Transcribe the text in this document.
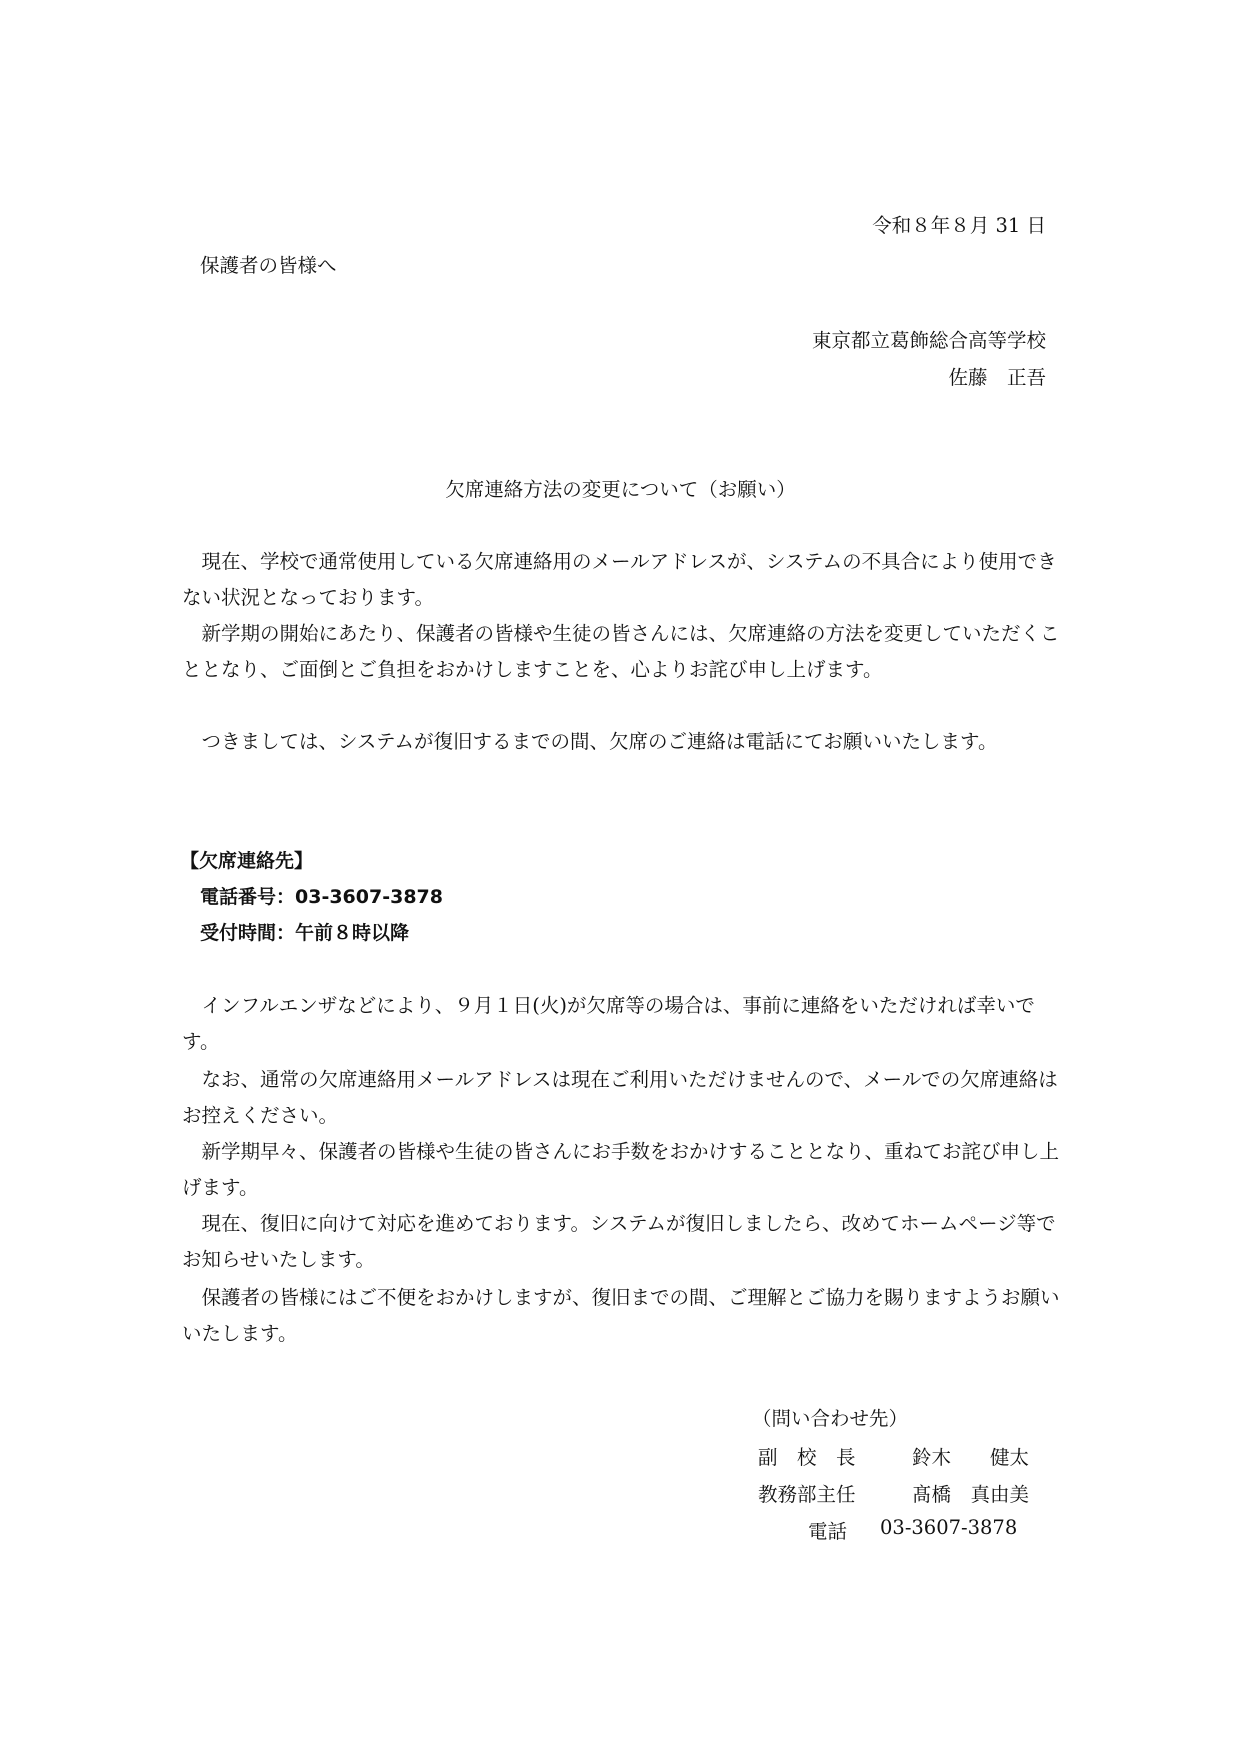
令和８年８月 31 日
保護者の皆様へ
東京都立葛飾総合高等学校
佐藤　正吾
欠席連絡方法の変更について（お願い）
現在、学校で通常使用している欠席連絡用のメールアドレスが、システムの不具合により使用できない状況となっております。
新学期の開始にあたり、保護者の皆様や生徒の皆さんには、欠席連絡の方法を変更していただくこととなり、ご面倒とご負担をおかけしますことを、心よりお詫び申し上げます。
つきましては、システムが復旧するまでの間、欠席のご連絡は電話にてお願いいたします。
【欠席連絡先】
電話番号：03-3607-3878
受付時間：午前８時以降
インフルエンザなどにより、９月１日(火)が欠席等の場合は、事前に連絡をいただければ幸いです。
なお、通常の欠席連絡用メールアドレスは現在ご利用いただけませんので、メールでの欠席連絡はお控えください。
新学期早々、保護者の皆様や生徒の皆さんにお手数をおかけすることとなり、重ねてお詫び申し上げます。
現在、復旧に向けて対応を進めております。システムが復旧しましたら、改めてホームページ等でお知らせいたします。
保護者の皆様にはご不便をおかけしますが、復旧までの間、ご理解とご協力を賜りますようお願いいたします。
（問い合わせ先）
副　校　長	鈴木　　健太
教務部主任	髙橋　真由美
電話 03-3607-3878
